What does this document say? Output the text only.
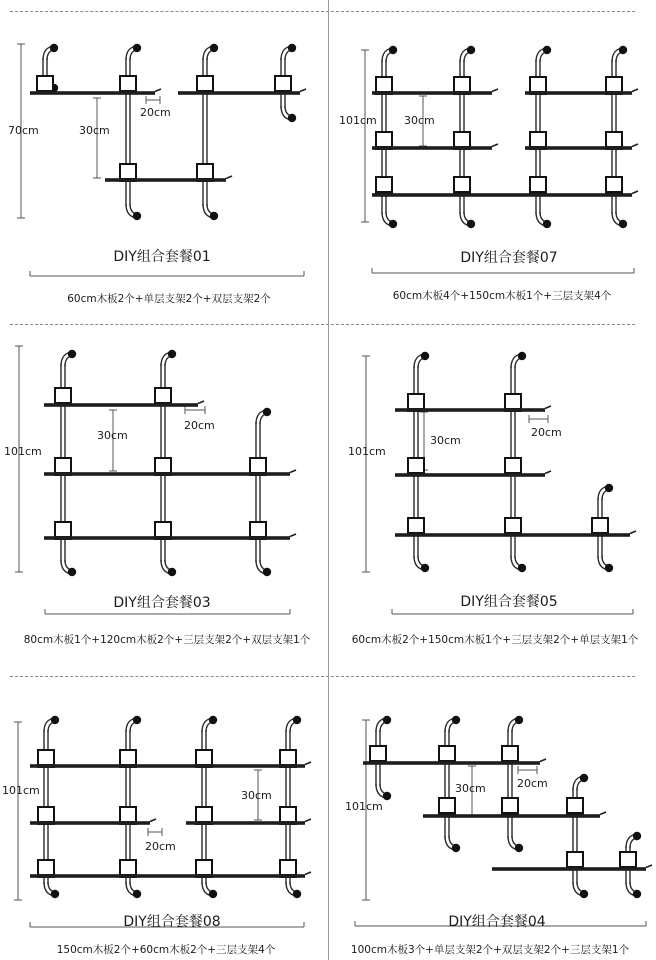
70cm	30cm
20cm
DIY组合套餐01
60cm木板2个+单层支架2个+双层支架2个
101cm 30cm
DIY组合套餐07
60cm木板4个+150cm木板1个+三层支架4个
101cm
30cm
20cm
DIY组合套餐03
80cm木板1个+120cm木板2个+三层支架2个+双层支架1个
101cm
30cm
20cm
DIY组合套餐05
60cm木板2个+150cm木板1个+三层支架2个+单层支架1个
101cm	30cm
20cm
DIY组合套餐08
150cm木板2个+60cm木板2个+三层支架4个
101cm
30cm	20cm
DIY组合套餐04
100cm木板3个+单层支架2个+双层支架2个+三层支架1个
